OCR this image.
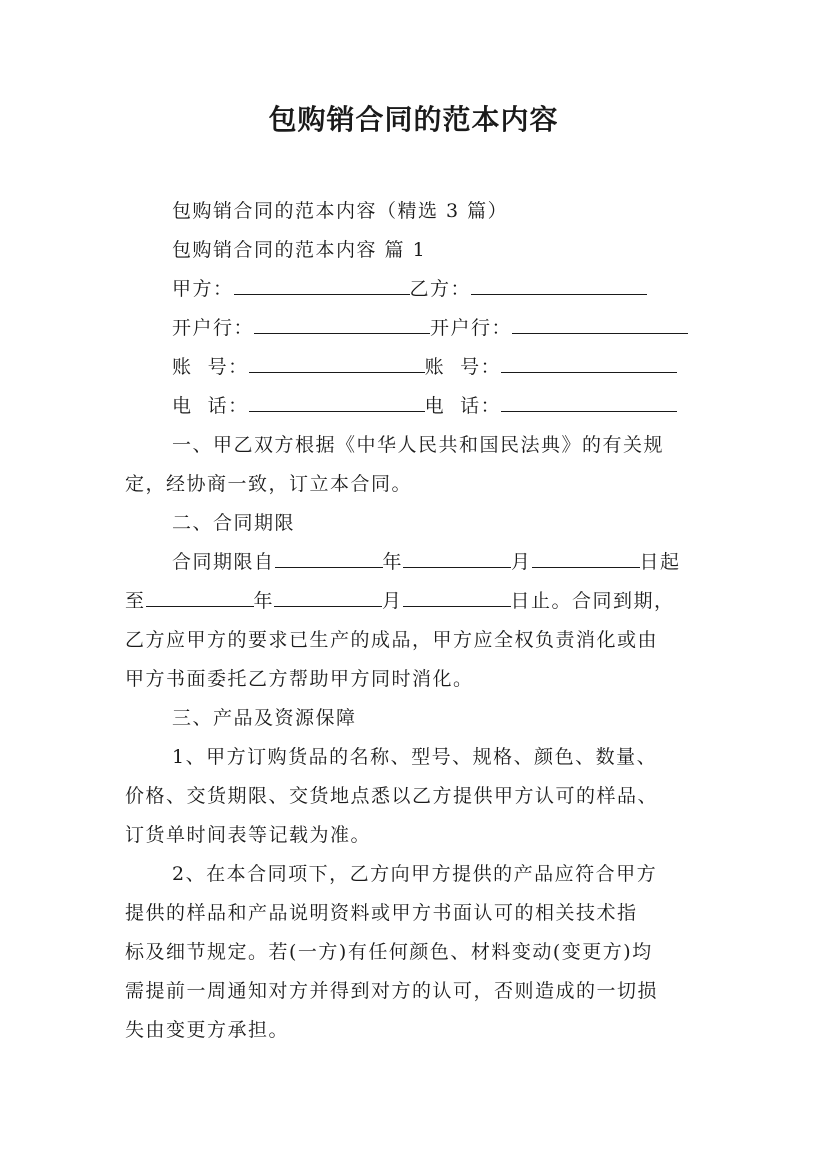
包购销合同的范本内容
包购销合同的范本内容（精选 3 篇）
包购销合同的范本内容 篇 1
甲方：	乙方：
开户行：	开户行：
账  号：	账  号：
电  话：	电  话：
一、甲乙双方根据《中华人民共和国民法典》的有关规
定，经协商一致，订立本合同。
二、合同期限
合同期限自	年	月	日起
至	年	月	日止。合同到期，
乙方应甲方的要求已生产的成品，甲方应全权负责消化或由
甲方书面委托乙方帮助甲方同时消化。
三、产品及资源保障
1、甲方订购货品的名称、型号、规格、颜色、数量、
价格、交货期限、交货地点悉以乙方提供甲方认可的样品、
订货单时间表等记载为准。
2、在本合同项下，乙方向甲方提供的产品应符合甲方
提供的样品和产品说明资料或甲方书面认可的相关技术指
标及细节规定。若(一方)有任何颜色、材料变动(变更方)均
需提前一周通知对方并得到对方的认可，否则造成的一切损
失由变更方承担。
